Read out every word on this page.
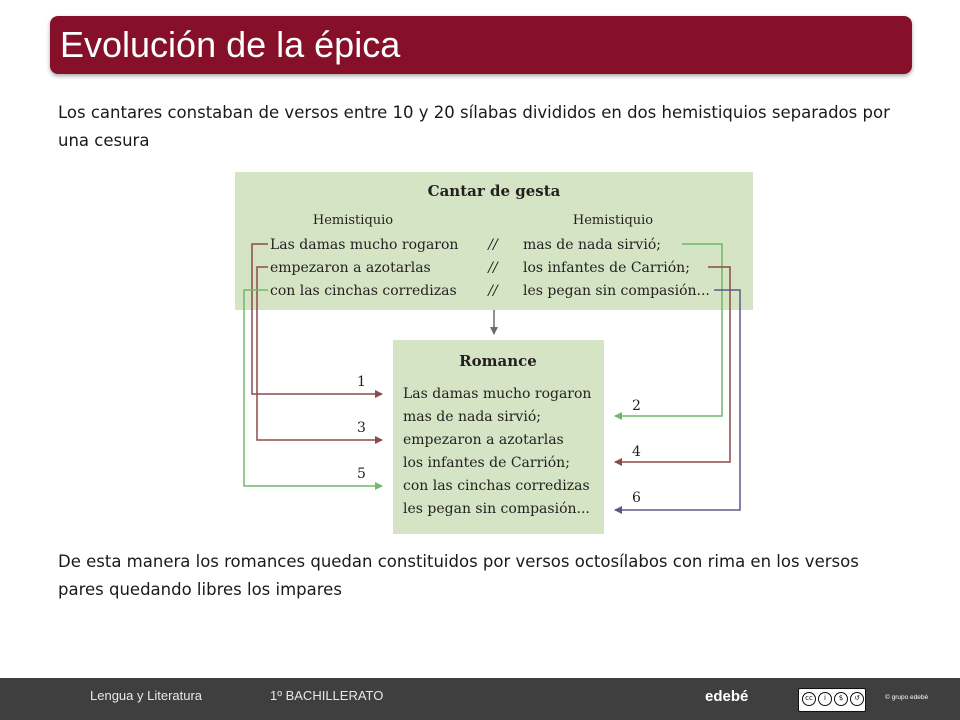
Evolución de la épica
Los cantares constaban de versos entre 10 y 20 sílabas divididos en dos hemistiquios separados por una cesura
Cantar de gesta
Hemistiquio	Hemistiquio
Las damas mucho rogaron // mas de nada sirvió;
empezaron a azotarlas	// los infantes de Carrión;
con las cinchas corredizas // les pegan sin compasión...
Romance
Las damas mucho rogaron
mas de nada sirvió;
empezaron a azotarlas
los infantes de Carrión;
con las cinchas corredizas
les pegan sin compasión...
1
3
5
2
4
6
De esta manera los romances quedan constituidos por versos octosílabos con rima en los versos pares quedando libres los impares
Lengua y Literatura	1º BACHILLERATO	edebé	cc	i	$	↺	© grupo edebé
